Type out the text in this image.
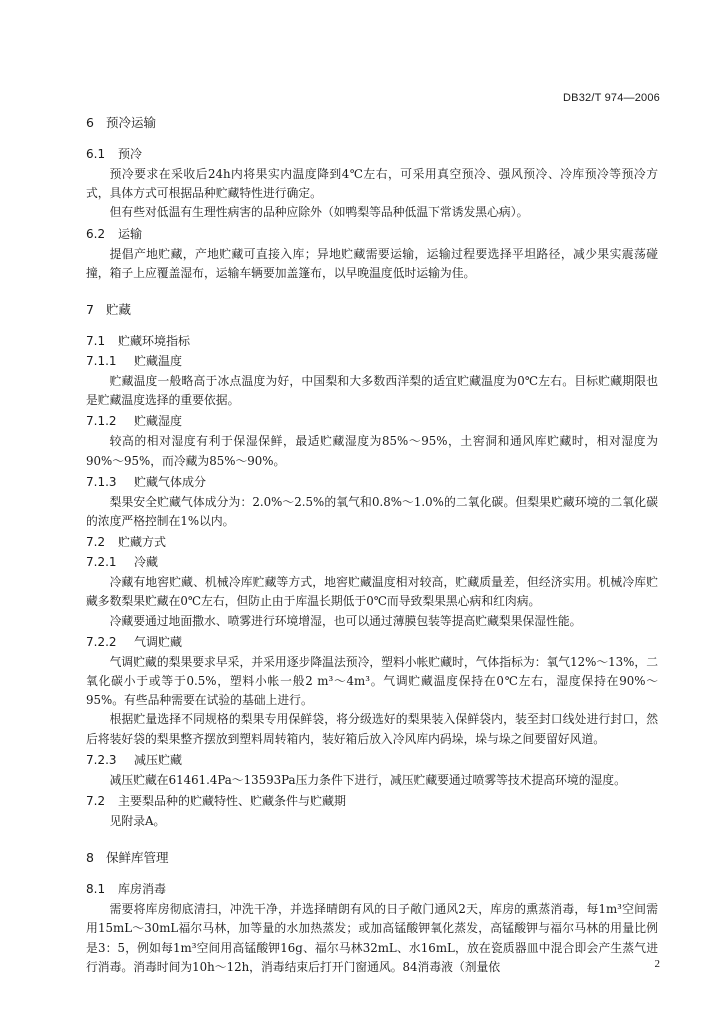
DB32/T 974—2006
6 预冷运输
6.1 预冷

预冷要求在采收后24h内将果实内温度降到4℃左右，可采用真空预冷、强风预冷、冷库预冷等预冷方式，具体方式可根据品种贮藏特性进行确定。

但有些对低温有生理性病害的品种应除外（如鸭梨等品种低温下常诱发黑心病）。

6.2 运输

提倡产地贮藏，产地贮藏可直接入库；异地贮藏需要运输，运输过程要选择平坦路径，减少果实震荡碰撞，箱子上应覆盖湿布，运输车辆要加盖篷布，以早晚温度低时运输为佳。

7 贮藏
7.1 贮藏环境指标
7.1.1 贮藏温度

贮藏温度一般略高于冰点温度为好，中国梨和大多数西洋梨的适宜贮藏温度为0℃左右。目标贮藏期限也是贮藏温度选择的重要依据。

7.1.2 贮藏湿度

较高的相对湿度有利于保湿保鲜，最适贮藏湿度为85%～95%，土窖洞和通风库贮藏时，相对湿度为90%～95%，而冷藏为85%～90%。

7.1.3 贮藏气体成分

梨果安全贮藏气体成分为：2.0%～2.5%的氧气和0.8%～1.0%的二氧化碳。但梨果贮藏环境的二氧化碳的浓度严格控制在1%以内。

7.2 贮藏方式
7.2.1 冷藏

冷藏有地窖贮藏、机械冷库贮藏等方式，地窖贮藏温度相对较高，贮藏质量差，但经济实用。机械冷库贮藏多数梨果贮藏在0℃左右，但防止由于库温长期低于0℃而导致梨果黑心病和红肉病。

冷藏要通过地面撒水、喷雾进行环境增湿，也可以通过薄膜包装等提高贮藏梨果保湿性能。

7.2.2 气调贮藏

气调贮藏的梨果要求早采，并采用逐步降温法预冷，塑料小帐贮藏时，气体指标为：氧气12%～13%，二氧化碳小于或等于0.5%，塑料小帐一般2 m³～4m³。气调贮藏温度保持在0℃左右，湿度保持在90%～95%。有些品种需要在试验的基础上进行。

根据贮量选择不同规格的梨果专用保鲜袋，将分级选好的梨果装入保鲜袋内，装至封口线处进行封口，然后将装好袋的梨果整齐摆放到塑料周转箱内，装好箱后放入冷风库内码垛，垛与垛之间要留好风道。

7.2.3 减压贮藏

减压贮藏在61461.4Pa～13593Pa压力条件下进行，减压贮藏要通过喷雾等技术提高环境的湿度。

7.2 主要梨品种的贮藏特性、贮藏条件与贮藏期

见附录A。

8 保鲜库管理
8.1 库房消毒

需要将库房彻底清扫，冲洗干净，并选择晴朗有风的日子敞门通风2天，库房的熏蒸消毒，每1m³空间需用15mL～30mL福尔马林，加等量的水加热蒸发；或加高锰酸钾氧化蒸发，高锰酸钾与福尔马林的用量比例是3：5，例如每1m³空间用高锰酸钾16g、福尔马林32mL、水16mL，放在瓷质器皿中混合即会产生蒸气进行消毒。消毒时间为10h～12h，消毒结束后打开门窗通风。84消毒液（剂量依	2
